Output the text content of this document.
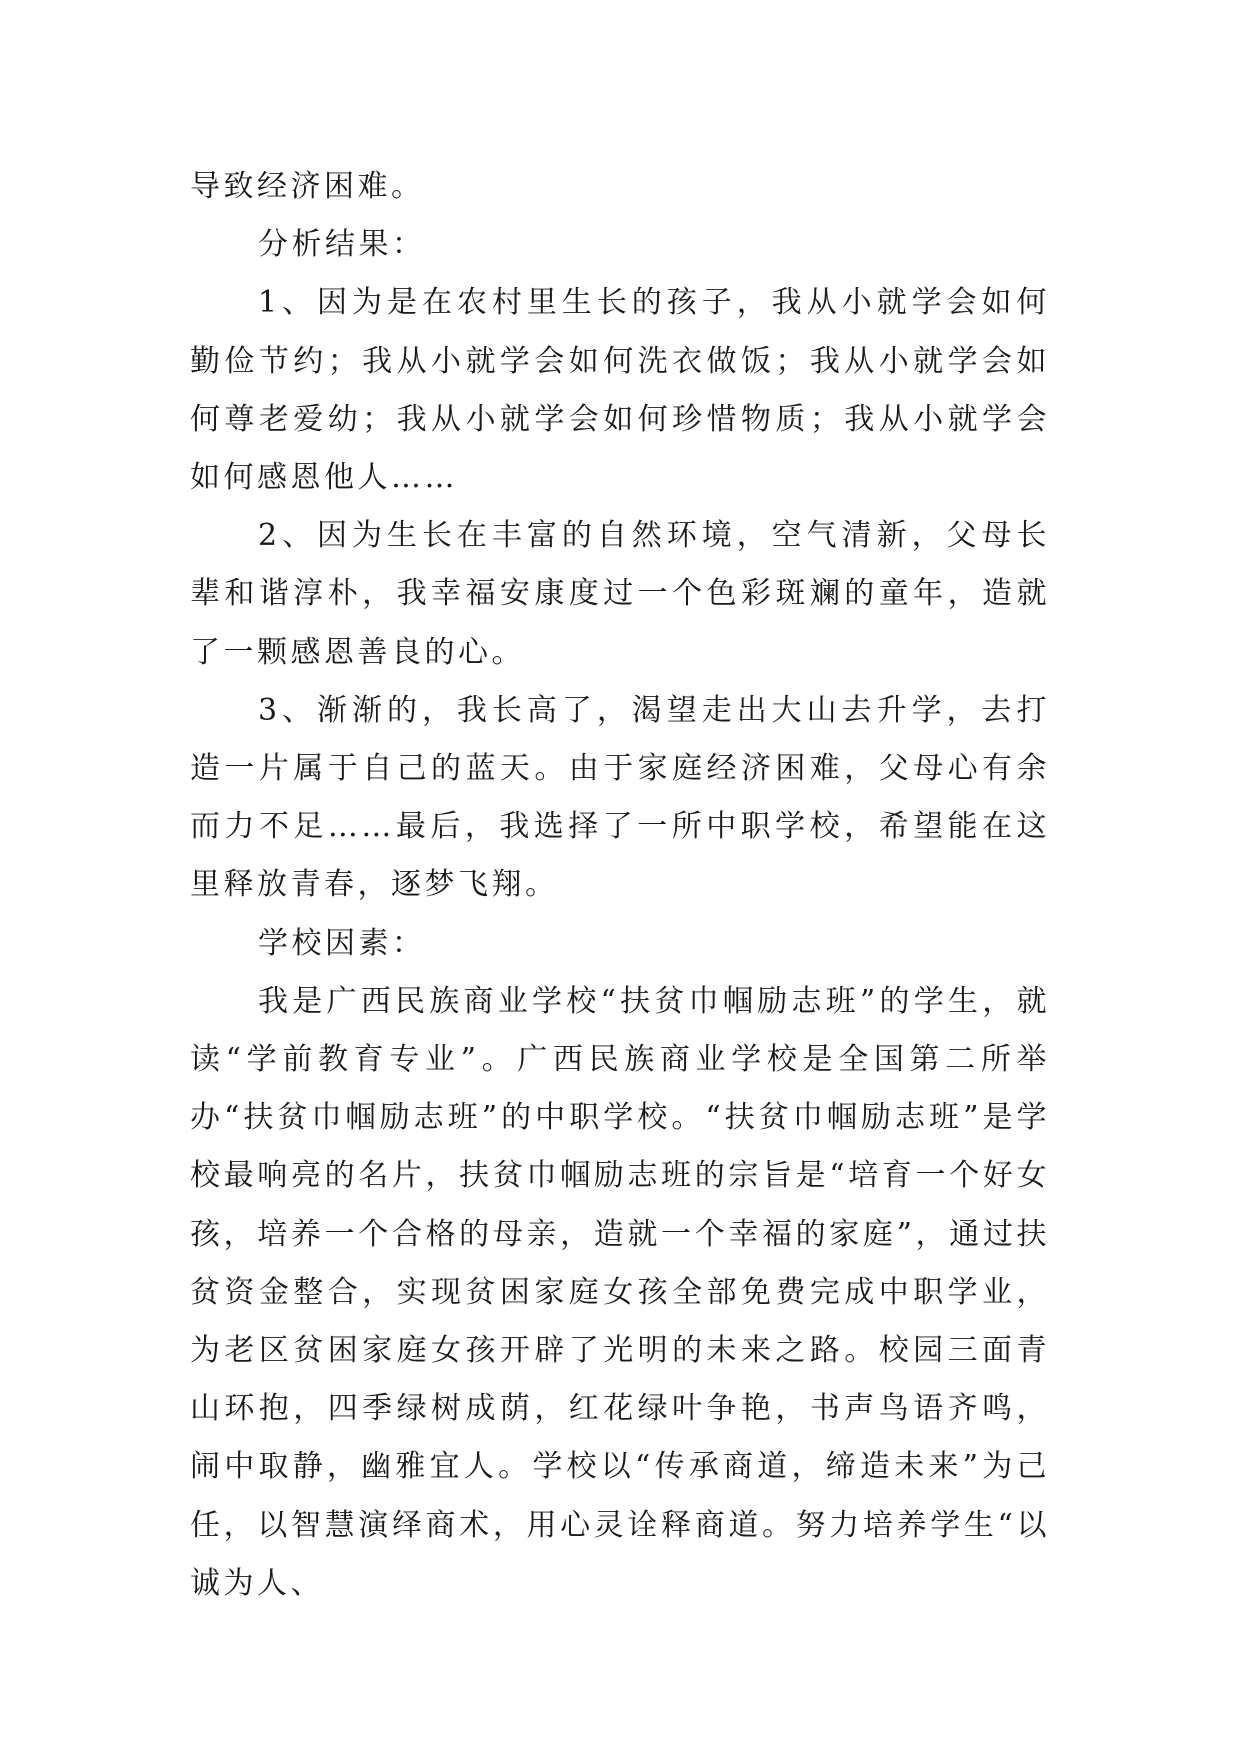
导致经济困难。

分析结果：

1、因为是在农村里生长的孩子，我从小就学会如何勤俭节约；我从小就学会如何洗衣做饭；我从小就学会如何尊老爱幼；我从小就学会如何珍惜物质；我从小就学会如何感恩他人……

2、因为生长在丰富的自然环境，空气清新，父母长辈和谐淳朴，我幸福安康度过一个色彩斑斓的童年，造就了一颗感恩善良的心。

3、渐渐的，我长高了，渴望走出大山去升学，去打造一片属于自己的蓝天。由于家庭经济困难，父母心有余而力不足……最后，我选择了一所中职学校，希望能在这里释放青春，逐梦飞翔。

学校因素：

我是广西民族商业学校“扶贫巾帼励志班”的学生，就读“学前教育专业”。广西民族商业学校是全国第二所举办“扶贫巾帼励志班”的中职学校。“扶贫巾帼励志班”是学校最响亮的名片，扶贫巾帼励志班的宗旨是“培育一个好女孩，培养一个合格的母亲，造就一个幸福的家庭”，通过扶贫资金整合，实现贫困家庭女孩全部免费完成中职学业，为老区贫困家庭女孩开辟了光明的未来之路。校园三面青山环抱，四季绿树成荫，红花绿叶争艳，书声鸟语齐鸣，闹中取静，幽雅宜人。学校以“传承商道，缔造未来”为己任，以智慧演绎商术，用心灵诠释商道。努力培养学生“以诚为人、
